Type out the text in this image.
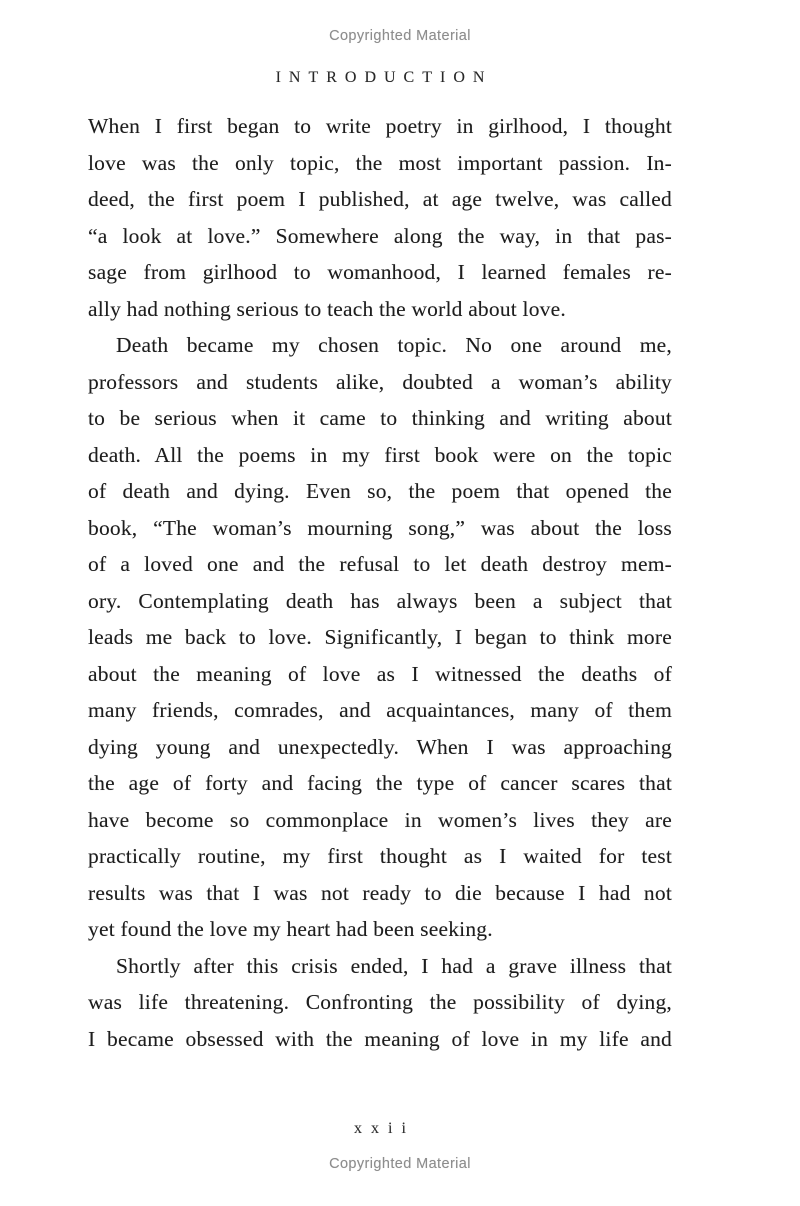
Copyrighted Material
INTRODUCTION
When I first began to write poetry in girlhood, I thought
love was the only topic, the most important passion. In-
deed, the first poem I published, at age twelve, was called
“a look at love.” Somewhere along the way, in that pas-
sage from girlhood to womanhood, I learned females re-
ally had nothing serious to teach the world about love.
Death became my chosen topic. No one around me,
professors and students alike, doubted a woman’s ability
to be serious when it came to thinking and writing about
death. All the poems in my first book were on the topic
of death and dying. Even so, the poem that opened the
book, “The woman’s mourning song,” was about the loss
of a loved one and the refusal to let death destroy mem-
ory. Contemplating death has always been a subject that
leads me back to love. Significantly, I began to think more
about the meaning of love as I witnessed the deaths of
many friends, comrades, and acquaintances, many of them
dying young and unexpectedly. When I was approaching
the age of forty and facing the type of cancer scares that
have become so commonplace in women’s lives they are
practically routine, my first thought as I waited for test
results was that I was not ready to die because I had not
yet found the love my heart had been seeking.
Shortly after this crisis ended, I had a grave illness that
was life threatening. Confronting the possibility of dying,
I became obsessed with the meaning of love in my life and
xxii
Copyrighted Material
